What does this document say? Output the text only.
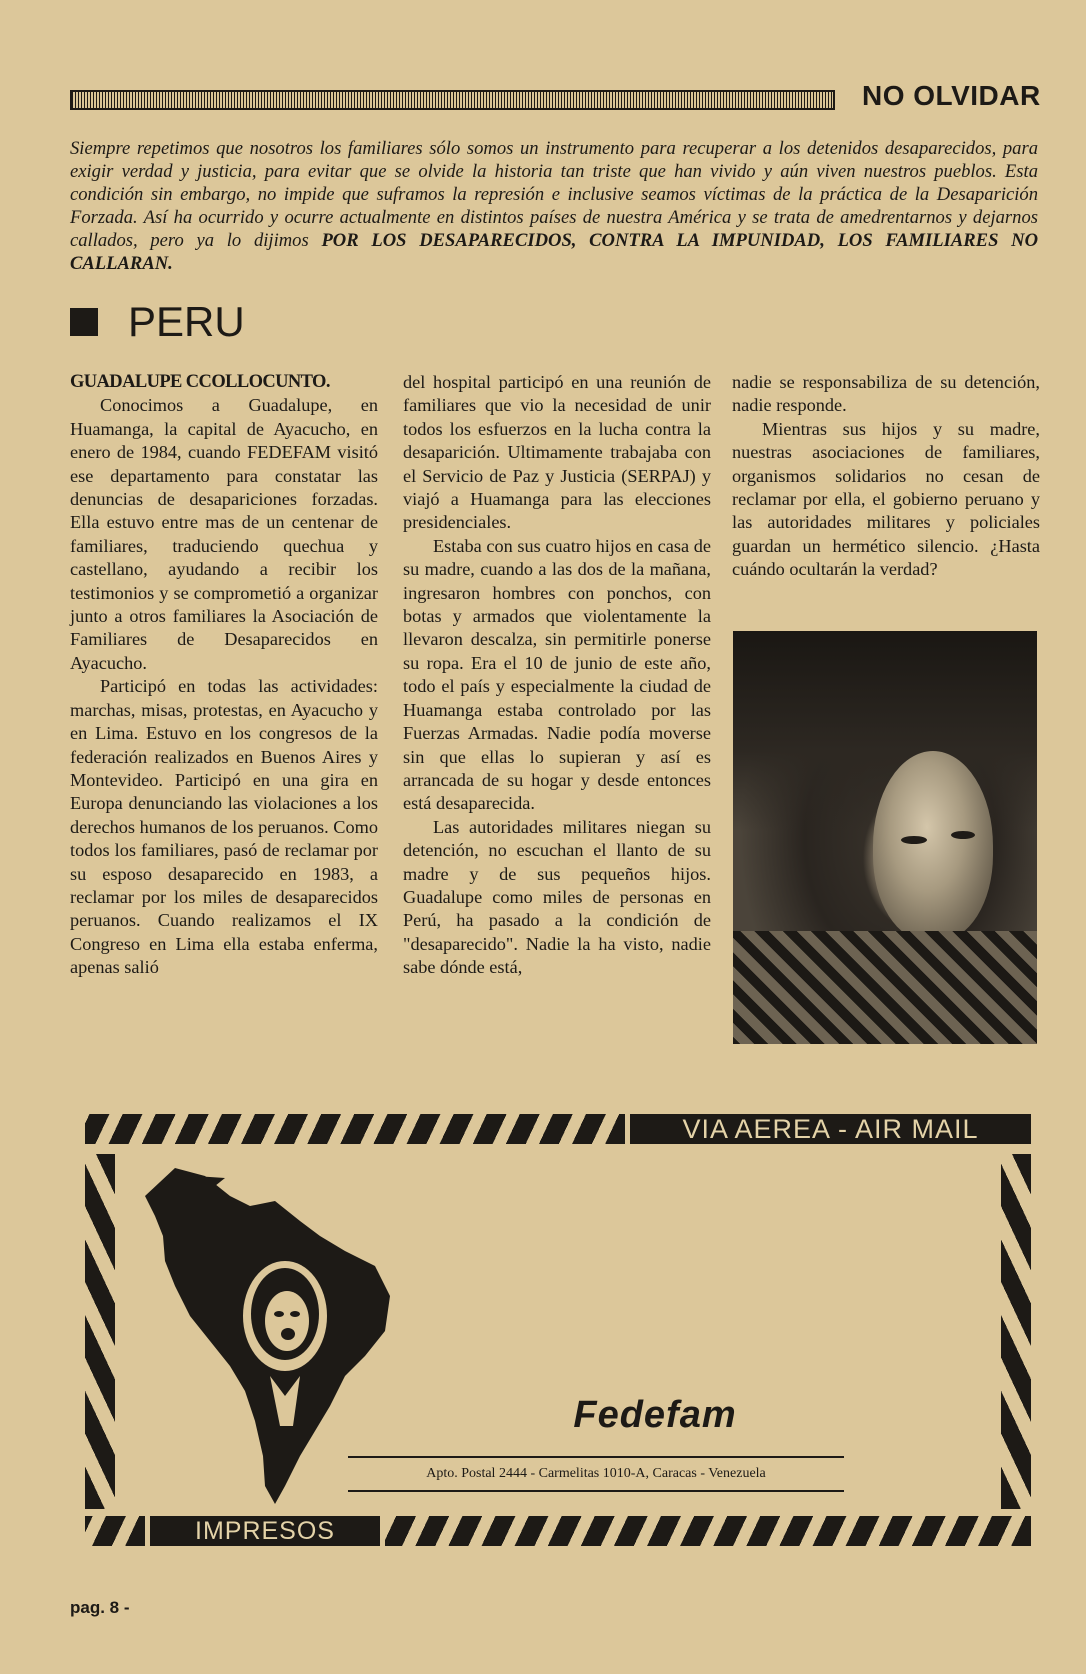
NO OLVIDAR

Siempre repetimos que nosotros los familiares sólo somos un instrumento para recuperar a los detenidos desaparecidos, para exigir verdad y justicia, para evitar que se olvide la historia tan triste que han vivido y aún viven nuestros pueblos. Esta condición sin embargo, no impide que suframos la represión e inclusive seamos víctimas de la práctica de la Desaparición Forzada. Así ha ocurrido y ocurre actualmente en distintos países de nuestra América y se trata de amedrentarnos y dejarnos callados, pero ya lo dijimos POR LOS DESAPARECIDOS, CONTRA LA IMPUNIDAD, LOS FAMILIARES NO CALLARAN.

PERU

GUADALUPE CCOLLOCUNTO.

Conocimos a Guadalupe, en Huamanga, la capital de Ayacucho, en enero de 1984, cuando FEDEFAM visitó ese departamento para constatar las denuncias de desapariciones forzadas. Ella estuvo entre mas de un centenar de familiares, traduciendo quechua y castellano, ayudando a recibir los testimonios y se comprometió a organizar junto a otros familiares la Asociación de Familiares de Desaparecidos en Ayacucho.

Participó en todas las actividades: marchas, misas, protestas, en Ayacucho y en Lima. Estuvo en los congresos de la federación realizados en Buenos Aires y Montevideo. Participó en una gira en Europa denunciando las violaciones a los derechos humanos de los peruanos. Como todos los familiares, pasó de reclamar por su esposo desaparecido en 1983, a reclamar por los miles de desaparecidos peruanos. Cuando realizamos el IX Congreso en Lima ella estaba enferma, apenas salió

del hospital participó en una reunión de familiares que vio la necesidad de unir todos los esfuerzos en la lucha contra la desaparición. Ultimamente trabajaba con el Servicio de Paz y Justicia (SERPAJ) y viajó a Huamanga para las elecciones presidenciales.

Estaba con sus cuatro hijos en casa de su madre, cuando a las dos de la mañana, ingresaron hombres con ponchos, con botas y armados que violentamente la llevaron descalza, sin permitirle ponerse su ropa. Era el 10 de junio de este año, todo el país y especialmente la ciudad de Huamanga estaba controlado por las Fuerzas Armadas. Nadie podía moverse sin que ellas lo supieran y así es arrancada de su hogar y desde entonces está desaparecida.

Las autoridades militares niegan su detención, no escuchan el llanto de su madre y de sus pequeños hijos. Guadalupe como miles de personas en Perú, ha pasado a la condición de "desaparecido". Nadie la ha visto, nadie sabe dónde está,

nadie se responsabiliza de su detención, nadie responde.

Mientras sus hijos y su madre, nuestras asociaciones de familiares, organismos solidarios no cesan de reclamar por ella, el gobierno peruano y las autoridades militares y policiales guardan un hermético silencio. ¿Hasta cuándo ocultarán la verdad?

VIA AEREA - AIR MAIL

IMPRESOS

Fedefam

Apto. Postal 2444 - Carmelitas 1010-A, Caracas - Venezuela

pag. 8 -
